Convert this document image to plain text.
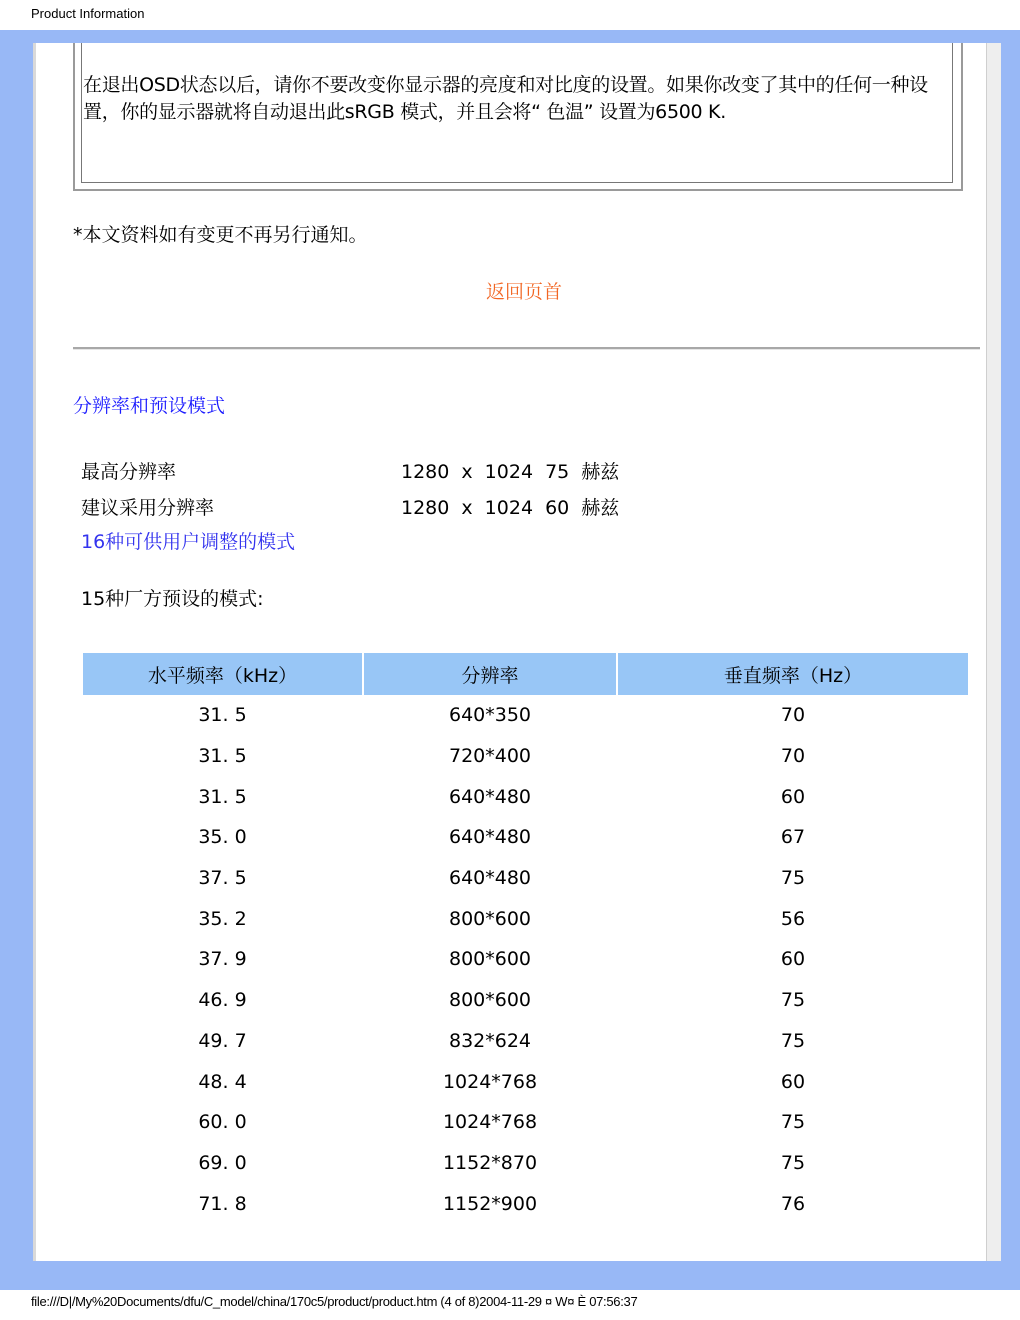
Product Information
在退出OSD状态以后，请你不要改变你显示器的亮度和对比度的设置。如果你改变了其中的任何一种设置，你的显示器就将自动退出此sRGB 模式，并且会将“ 色温” 设置为6500 K.
*本文资料如有变更不再另行通知。
返回页首
分辨率和预设模式
最高分辨率	1280 x 1024 75 赫兹
建议采用分辨率	1280 x 1024 60 赫兹
16种可供用户调整的模式
15种厂方预设的模式:
水平频率（kHz）	分辨率	垂直频率（Hz）
31. 5	640*350	70
31. 5	720*400	70
31. 5	640*480	60
35. 0	640*480	67
37. 5	640*480	75
35. 2	800*600	56
37. 9	800*600	60
46. 9	800*600	75
49. 7	832*624	75
48. 4	1024*768	60
60. 0	1024*768	75
69. 0	1152*870	75
71. 8	1152*900	76
file:///D|/My%20Documents/dfu/C_model/china/170c5/product/product.htm (4 of 8)2004-11-29 ¤ W¤ È 07:56:37
